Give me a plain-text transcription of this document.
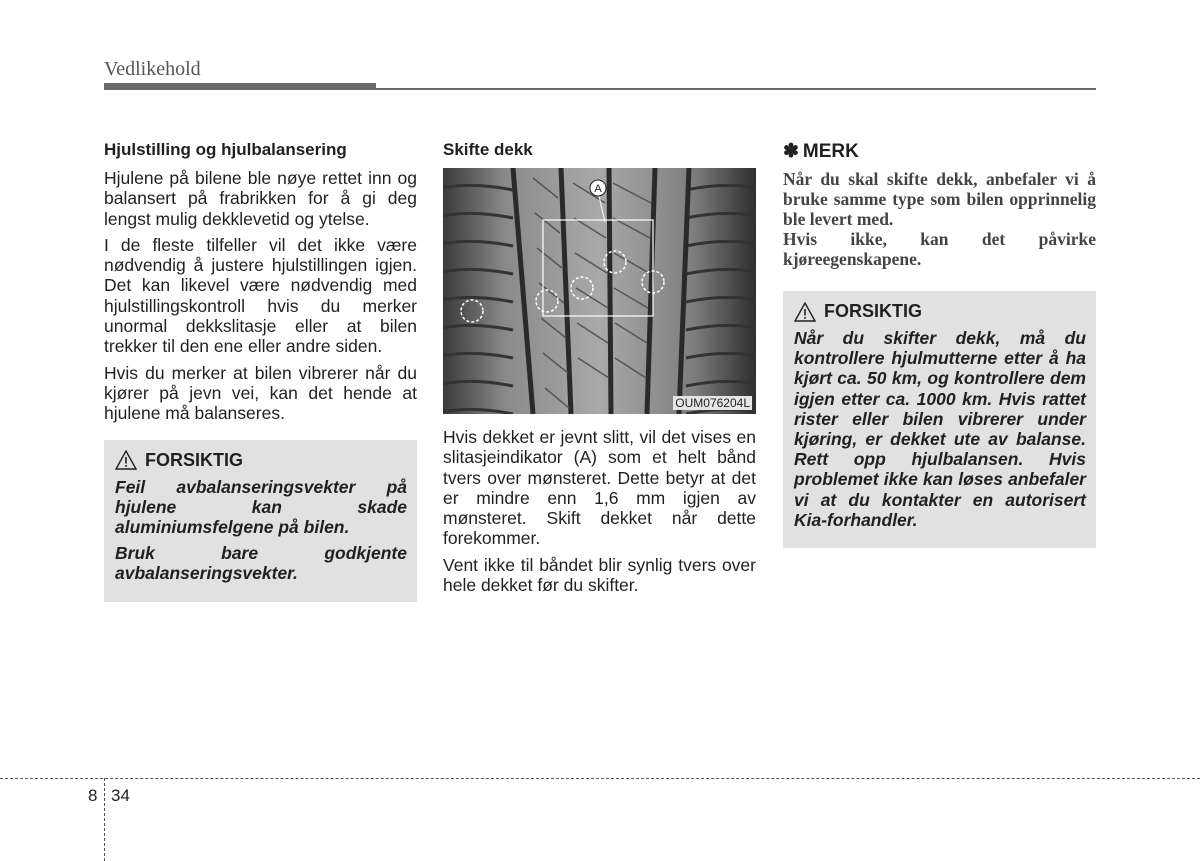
Vedlikehold
Hjulstilling og hjulbalansering

Hjulene på bilene ble nøye rettet inn og balansert på frabrikken for å gi deg lengst mulig dekklevetid og ytelse.

I de fleste tilfeller vil det ikke være nødvendig å justere hjulstillingen igjen. Det kan likevel være nødvendig med hjulstillingskontroll hvis du merker unormal dekkslitasje eller at bilen trekker til den ene eller andre siden.

Hvis du merker at bilen vibrerer når du kjører på jevn vei, kan det hende at hjulene må balanseres.

FORSIKTIG

Feil avbalanseringsvekter på hjulene kan skade aluminiumsfelgene på bilen.

Bruk bare godkjente avbalanseringsvekter.

Skifte dekk
A
OUM076204L

Hvis dekket er jevnt slitt, vil det vises en slitasjeindikator (A) som et helt bånd tvers over mønsteret. Dette betyr at det er mindre enn 1,6 mm igjen av mønsteret. Skift dekket når dette forekommer.

Vent ikke til båndet blir synlig tvers over hele dekket før du skifter.

✽ MERK

Når du skal skifte dekk, anbefaler vi å bruke samme type som bilen opprinnelig ble levert med.

Hvis ikke, kan det påvirke kjøreegenskapene.

FORSIKTIG

Når du skifter dekk, må du kontrollere hjulmutterne etter å ha kjørt ca. 50 km, og kontrollere dem igjen etter ca. 1000 km. Hvis rattet rister eller bilen vibrerer under kjøring, er dekket ute av balanse. Rett opp hjulbalansen. Hvis problemet ikke kan løses anbefaler vi at du kontakter en autorisert Kia-forhandler.

8 34
